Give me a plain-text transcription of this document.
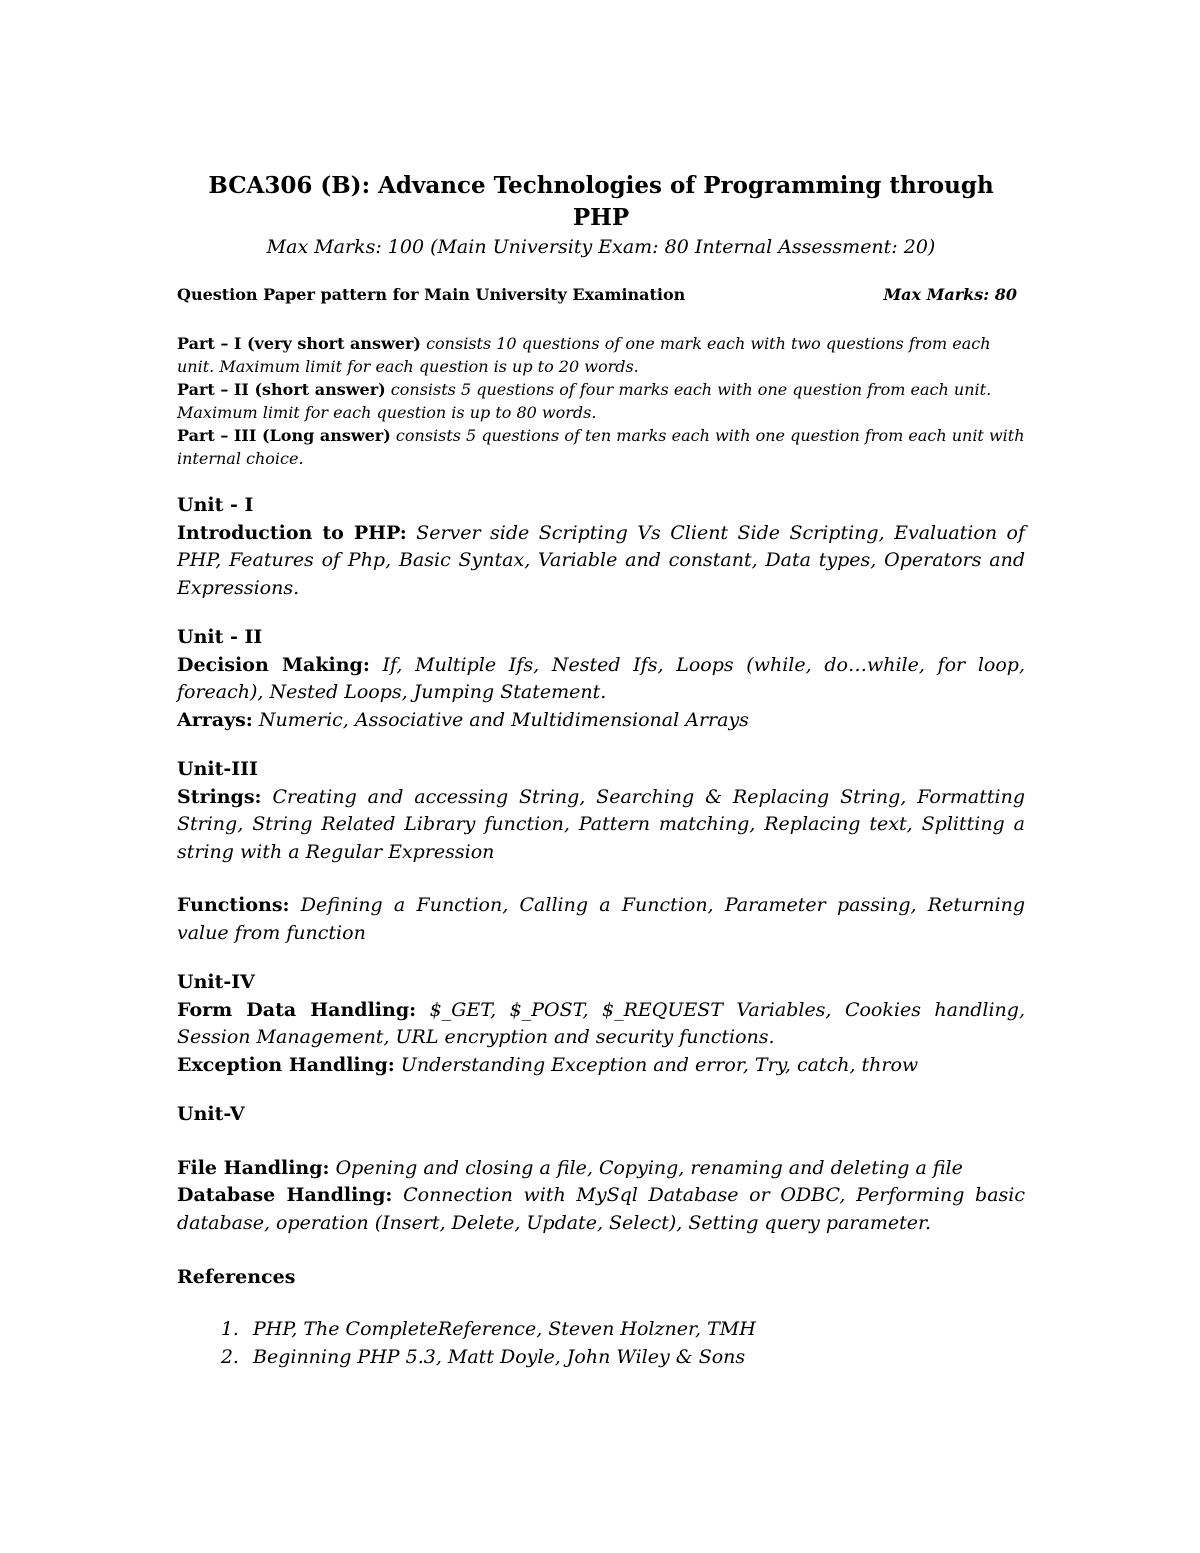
BCA306 (B): Advance Technologies of Programming through PHP

Max Marks: 100 (Main University Exam: 80 Internal Assessment: 20)

Question Paper pattern for Main University Examination	Max Marks: 80

Part – I (very short answer) consists 10 questions of one mark each with two questions from each unit. Maximum limit for each question is up to 20 words.

Part – II (short answer) consists 5 questions of four marks each with one question from each unit. Maximum limit for each question is up to 80 words.

Part – III (Long answer) consists 5 questions of ten marks each with one question from each unit with internal choice.

Unit - I

Introduction to PHP: Server side Scripting Vs Client Side Scripting, Evaluation of PHP, Features of Php, Basic Syntax, Variable and constant, Data types, Operators and Expressions.

Unit - II

Decision Making: If, Multiple Ifs, Nested Ifs, Loops (while, do…while, for loop, foreach), Nested Loops, Jumping Statement.

Arrays: Numeric, Associative and Multidimensional Arrays

Unit-III

Strings: Creating and accessing String, Searching & Replacing String, Formatting String, String Related Library function, Pattern matching, Replacing text, Splitting a string with a Regular Expression

Functions: Defining a Function, Calling a Function, Parameter passing, Returning value from function

Unit-IV

Form Data Handling: $_GET, $_POST, $_REQUEST Variables, Cookies handling, Session Management, URL encryption and security functions.

Exception Handling: Understanding Exception and error, Try, catch, throw

Unit-V

File Handling: Opening and closing a file, Copying, renaming and deleting a file

Database Handling: Connection with MySql Database or ODBC, Performing basic database, operation (Insert, Delete, Update, Select), Setting query parameter.

References

1. PHP, The CompleteReference, Steven Holzner, TMH
2. Beginning PHP 5.3, Matt Doyle, John Wiley & Sons
